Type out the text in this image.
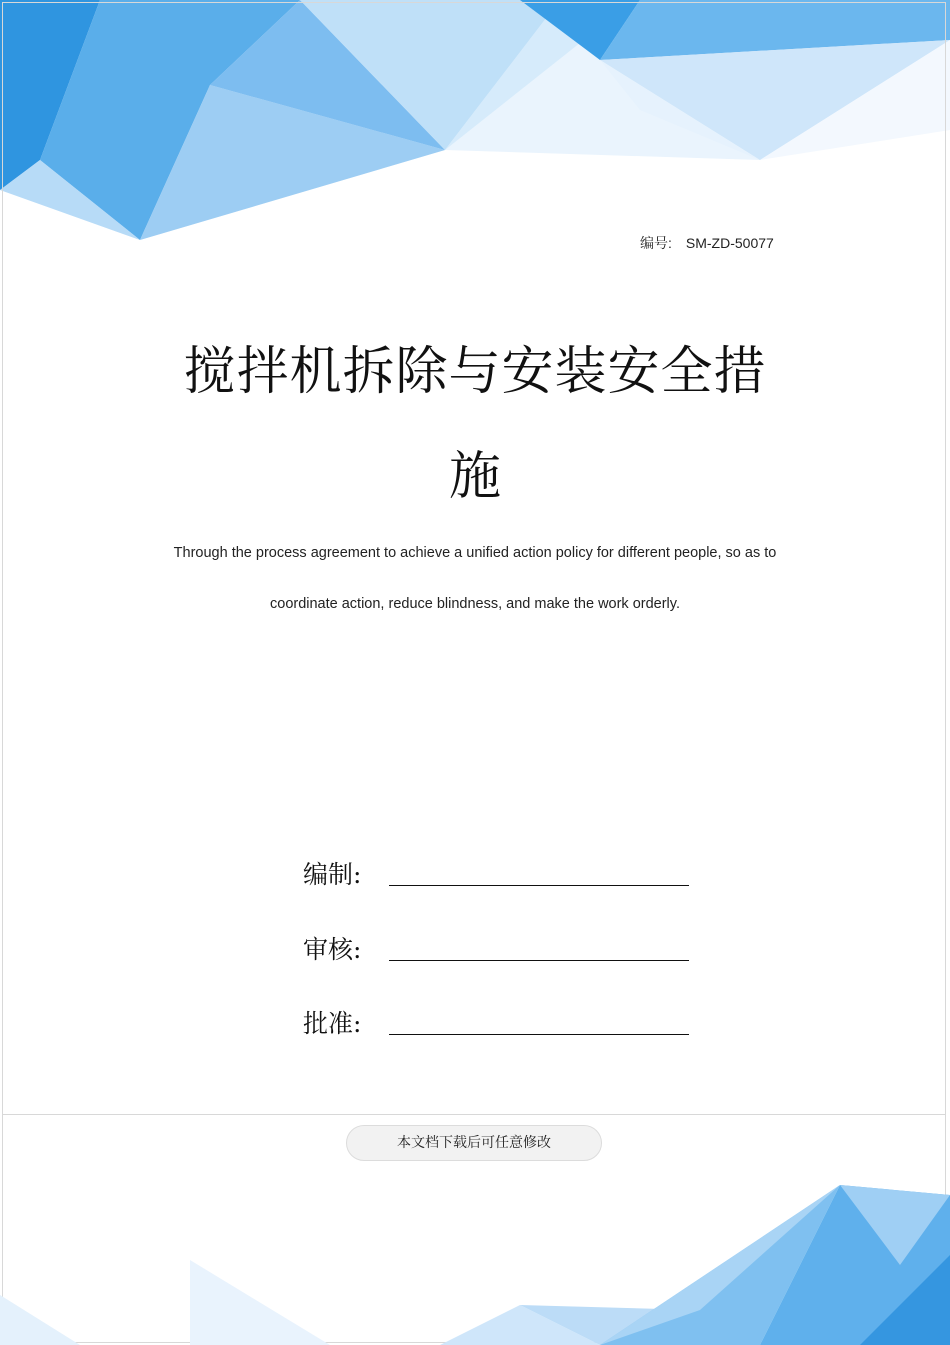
编号: SM-ZD-50077
搅拌机拆除与安装安全措
施
Through the process agreement to achieve a unified action policy for different people, so as to
coordinate action, reduce blindness, and make the work orderly.
编制:
审核:
批准:
本文档下载后可任意修改
